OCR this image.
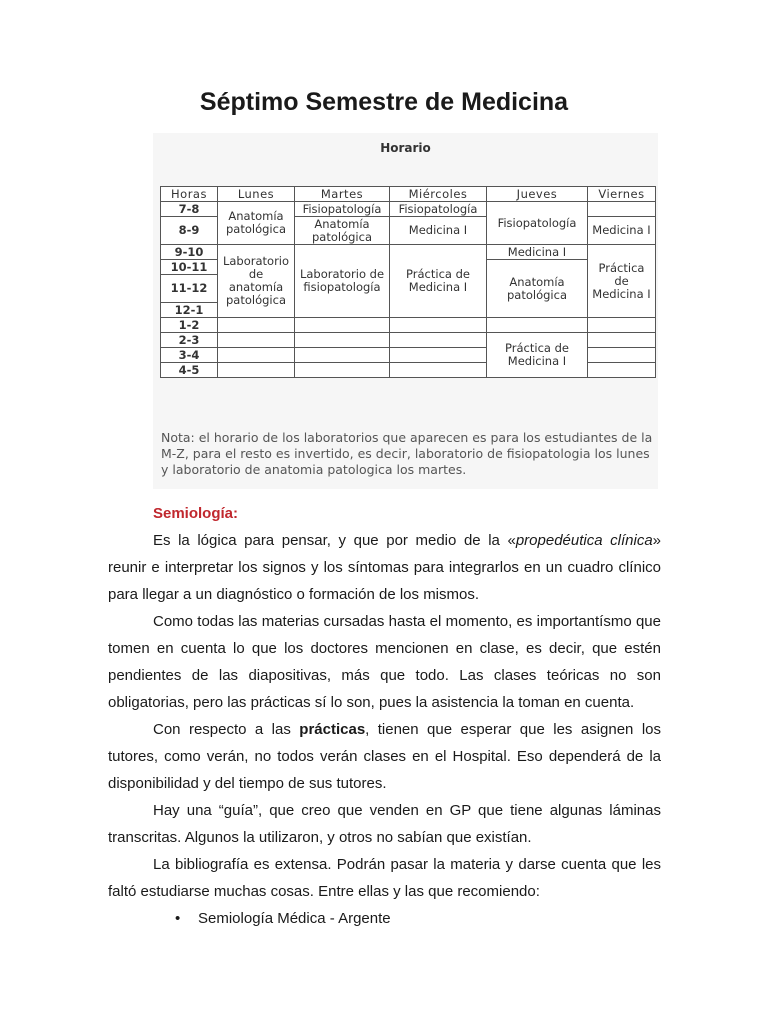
Séptimo Semestre de Medicina
Horario
Horas	Lunes	Martes	Miércoles	Jueves	Viernes
7-8	Anatomía patológica	Fisiopatología	Fisiopatología	Fisiopatología	
8-9		Anatomía patológica	Medicina I		Medicina I
9-10	Laboratorio de anatomía patológica	Laboratorio de fisiopatología	Práctica de Medicina I	Medicina I	Práctica de Medicina I
10-11				Anatomía patológica	
11-12					
12-1					
1-2					
2-3				Práctica de Medicina I	
3-4					
4-5					

Nota: el horario de los laboratorios que aparecen es para los estudiantes de la M-Z, para el resto es invertido, es decir, laboratorio de fisiopatologia los lunes y laboratorio de anatomia patologica los martes.

Semiología:

Es la lógica para pensar, y que por medio de la «propedéutica clínica» reunir e interpretar los signos y los síntomas para integrarlos en un cuadro clínico para llegar a un diagnóstico o formación de los mismos.

Como todas las materias cursadas hasta el momento, es importantísmo que tomen en cuenta lo que los doctores mencionen en clase, es decir, que estén pendientes de las diapositivas, más que todo. Las clases teóricas no son obligatorias, pero las prácticas sí lo son, pues la asistencia la toman en cuenta.

Con respecto a las prácticas, tienen que esperar que les asignen los tutores, como verán, no todos verán clases en el Hospital. Eso dependerá de la disponibilidad y del tiempo de sus tutores.

Hay una “guía”, que creo que venden en GP que tiene algunas láminas transcritas. Algunos la utilizaron, y otros no sabían que existían.

La bibliografía es extensa. Podrán pasar la materia y darse cuenta que les faltó estudiarse muchas cosas. Entre ellas y las que recomiendo:

• Semiología Médica - Argente
